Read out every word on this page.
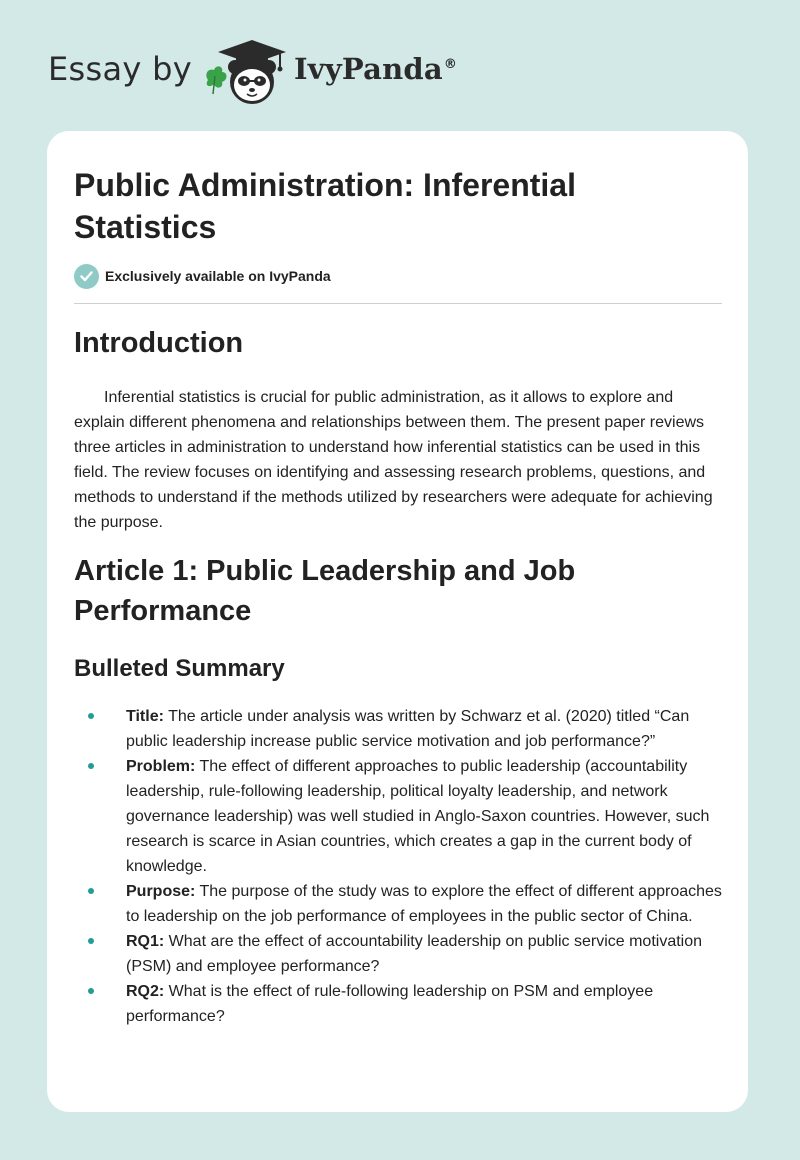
Essay by	IvyPanda®
Public Administration: Inferential Statistics
Exclusively available on IvyPanda
Introduction

Inferential statistics is crucial for public administration, as it allows to explore and explain different phenomena and relationships between them. The present paper reviews three articles in administration to understand how inferential statistics can be used in this field. The review focuses on identifying and assessing research problems, questions, and methods to understand if the methods utilized by researchers were adequate for achieving the purpose.

Article 1: Public Leadership and Job Performance
Bulleted Summary
Title: The article under analysis was written by Schwarz et al. (2020) titled “Can public leadership increase public service motivation and job performance?”
Problem: The effect of different approaches to public leadership (accountability leadership, rule-following leadership, political loyalty leadership, and network governance leadership) was well studied in Anglo-Saxon countries. However, such research is scarce in Asian countries, which creates a gap in the current body of knowledge.
Purpose: The purpose of the study was to explore the effect of different approaches to leadership on the job performance of employees in the public sector of China.
RQ1: What are the effect of accountability leadership on public service motivation (PSM) and employee performance?
RQ2: What is the effect of rule-following leadership on PSM and employee performance?
